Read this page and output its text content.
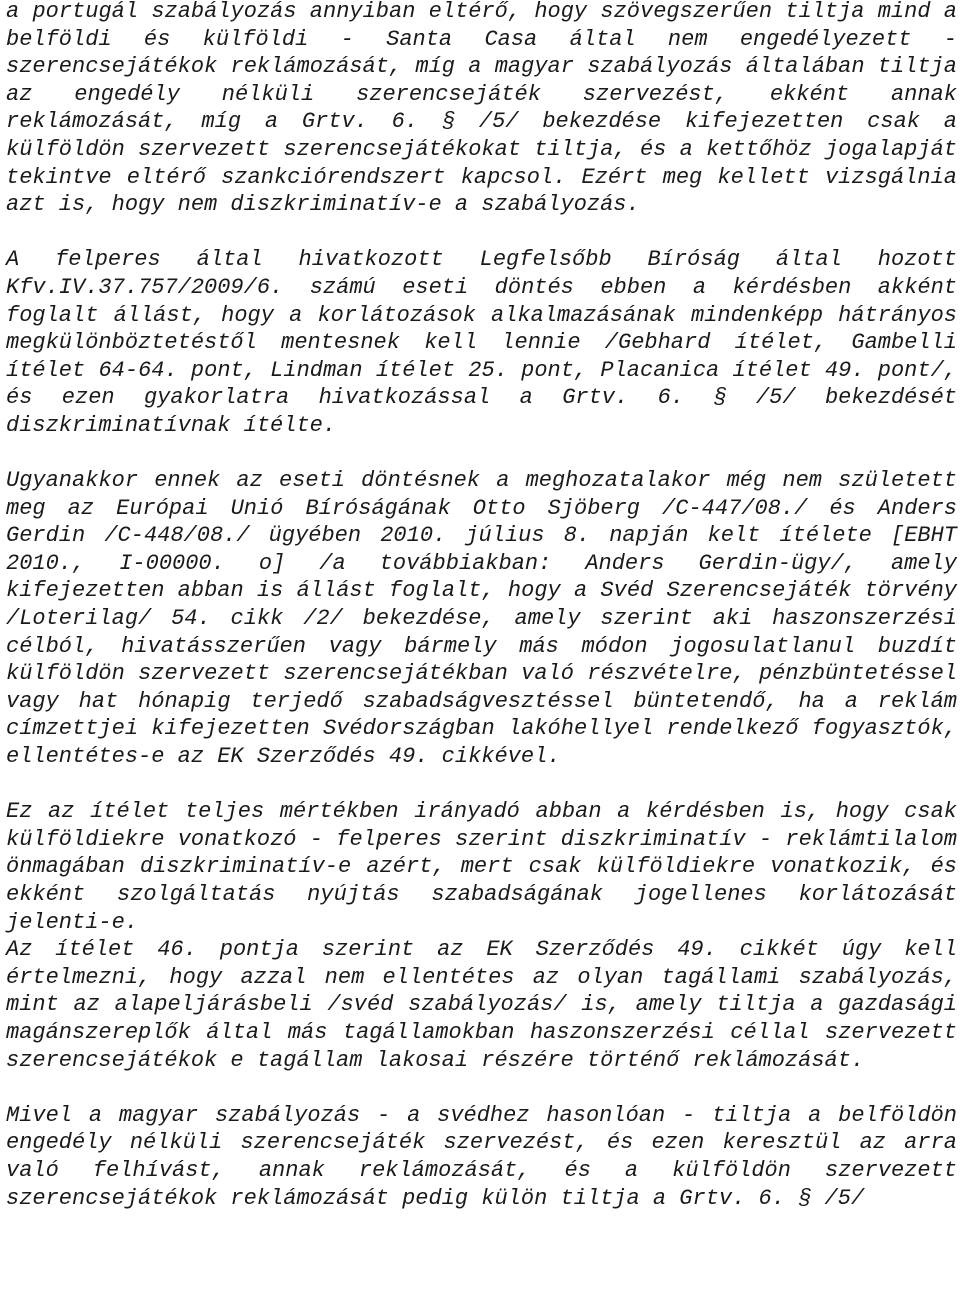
a portugál szabályozás annyiban eltérő, hogy szövegszerűen tiltja mind a belföldi és külföldi - Santa Casa által nem engedélyezett - szerencsejátékok reklámozását, míg a magyar szabályozás általában tiltja az engedély nélküli szerencsejáték szervezést, ekként annak reklámozását, míg a Grtv. 6. § /5/ bekezdése kifejezetten csak a külföldön szervezett szerencsejátékokat tiltja, és a kettőhöz jogalapját tekintve eltérő szankciórendszert kapcsol. Ezért meg kellett vizsgálnia azt is, hogy nem diszkriminatív-e a szabályozás.

A felperes által hivatkozott Legfelsőbb Bíróság által hozott Kfv.IV.37.757/2009/6. számú eseti döntés ebben a kérdésben akként foglalt állást, hogy a korlátozások alkalmazásának mindenképp hátrányos megkülönböztetéstől mentesnek kell lennie /Gebhard ítélet, Gambelli ítélet 64-64. pont, Lindman ítélet 25. pont, Placanica ítélet 49. pont/, és ezen gyakorlatra hivatkozással a Grtv. 6. § /5/ bekezdését diszkriminatívnak ítélte.

Ugyanakkor ennek az eseti döntésnek a meghozatalakor még nem született meg az Európai Unió Bíróságának Otto Sjöberg /C-447/08./ és Anders Gerdin /C-448/08./ ügyében 2010. július 8. napján kelt ítélete [EBHT 2010., I-00000. o] /a továbbiakban: Anders Gerdin-ügy/, amely kifejezetten abban is állást foglalt, hogy a Svéd Szerencsejáték törvény /Loterilag/ 54. cikk /2/ bekezdése, amely szerint aki haszonszerzési célból, hivatásszerűen vagy bármely más módon jogosulatlanul buzdít külföldön szervezett szerencsejátékban való részvételre, pénzbüntetéssel vagy hat hónapig terjedő szabadságvesztéssel büntetendő, ha a reklám címzettjei kifejezetten Svédországban lakóhellyel rendelkező fogyasztók, ellentétes-e az EK Szerződés 49. cikkével.

Ez az ítélet teljes mértékben irányadó abban a kérdésben is, hogy csak külföldiekre vonatkozó - felperes szerint diszkriminatív - reklámtilalom önmagában diszkriminatív-e azért, mert csak külföldiekre vonatkozik, és ekként szolgáltatás nyújtás szabadságának jogellenes korlátozását jelenti-e.

Az ítélet 46. pontja szerint az EK Szerződés 49. cikkét úgy kell értelmezni, hogy azzal nem ellentétes az olyan tagállami szabályozás, mint az alapeljárásbeli /svéd szabályozás/ is, amely tiltja a gazdasági magánszereplők által más tagállamokban haszonszerzési céllal szervezett szerencsejátékok e tagállam lakosai részére történő reklámozását.

Mivel a magyar szabályozás - a svédhez hasonlóan - tiltja a belföldön engedély nélküli szerencsejáték szervezést, és ezen keresztül az arra való felhívást, annak reklámozását, és a külföldön szervezett szerencsejátékok reklámozását pedig külön tiltja a Grtv. 6. § /5/
